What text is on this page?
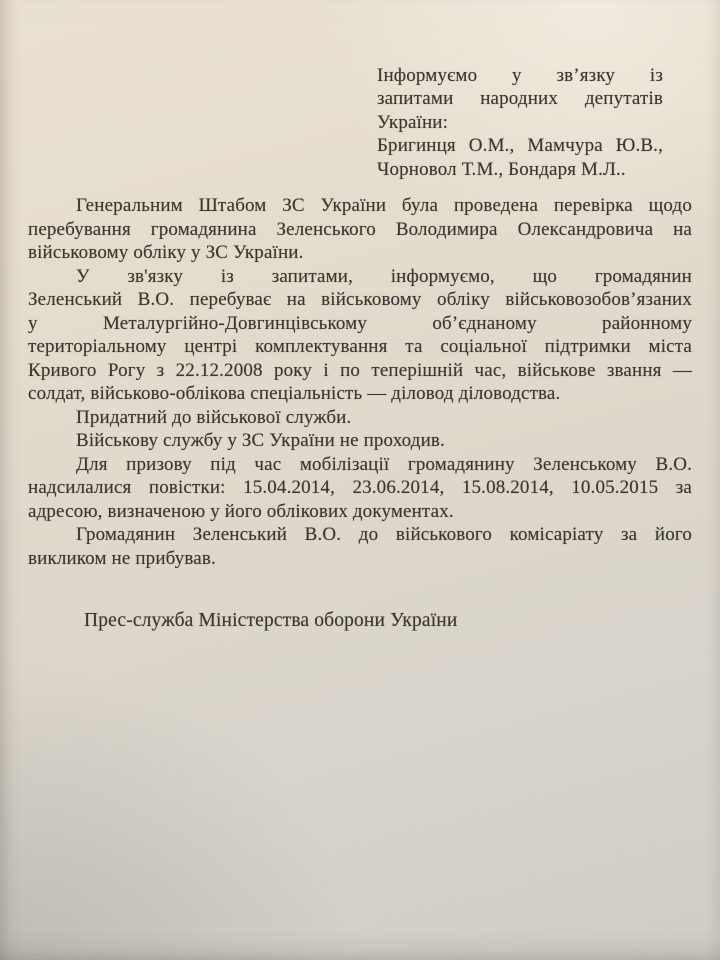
Інформуємо у зв’язку із
запитами народних депутатів
України:
Бригинця О.М., Мамчура Ю.В.,
Чорновол Т.М., Бондаря М.Л..
Генеральним Штабом ЗС України була проведена перевірка щодо
перебування громадянина Зеленського Володимира Олександровича на
військовому обліку у ЗС України.
У зв'язку із запитами, інформуємо, що громадянин
Зеленський В.О. перебуває на військовому обліку військовозобов’язаних
у Металургійно-Довгинцівському об’єднаному районному
територіальному центрі комплектування та соціальної підтримки міста
Кривого Рогу з 22.12.2008 року і по теперішній час, військове звання —
солдат, військово-облікова спеціальність — діловод діловодства.
Придатний до військової служби.
Військову службу у ЗС України не проходив.
Для призову під час мобілізації громадянину Зеленському В.О.
надсилалися повістки: 15.04.2014, 23.06.2014, 15.08.2014, 10.05.2015 за
адресою, визначеною у його облікових документах.
Громадянин Зеленський В.О. до військового комісаріату за його
викликом не прибував.
Прес-служба Міністерства оборони України
